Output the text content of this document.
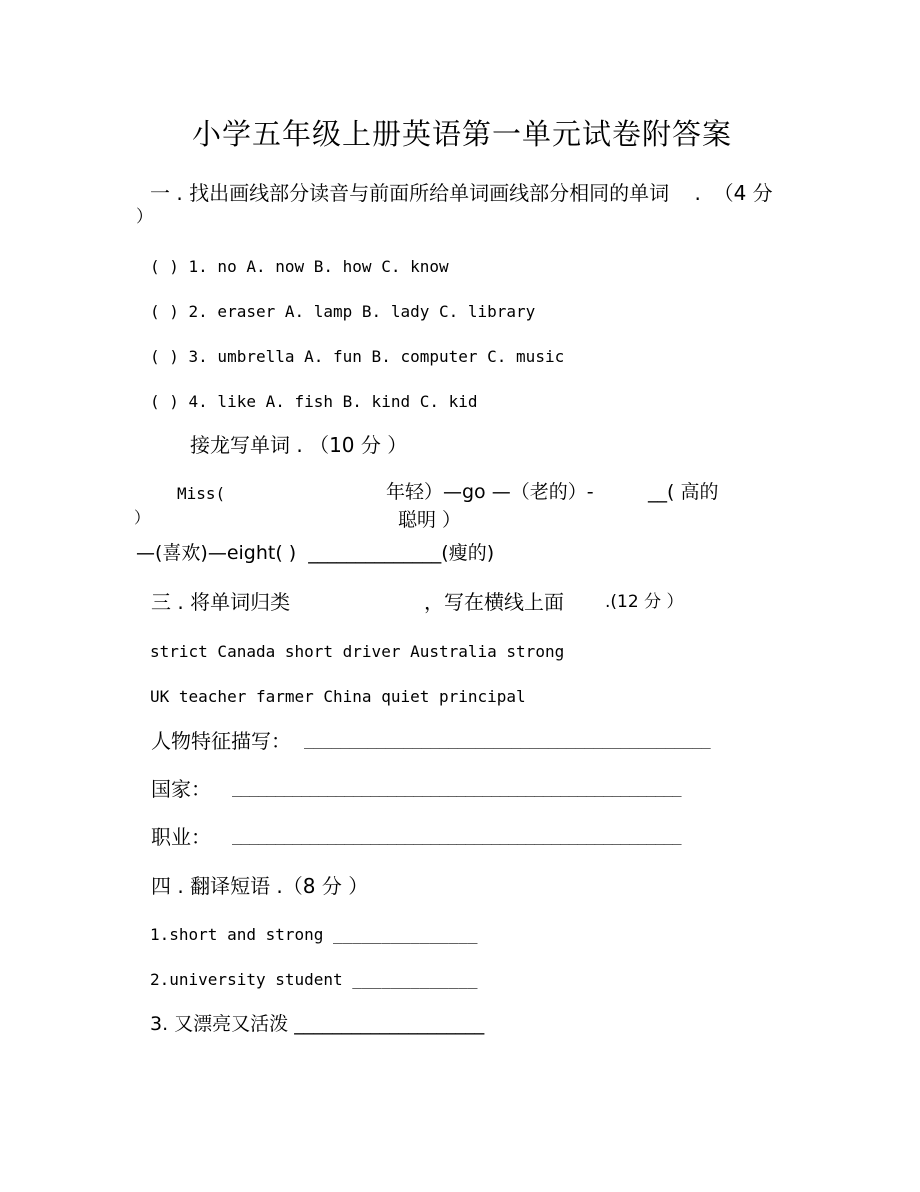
小学五年级上册英语第一单元试卷附答案
一 . 找出画线部分读音与前面所给单词画线部分相同的单词    .  （4 分
）
( ) 1. no A. now B. how C. know
( ) 2. eraser A. lamp B. lady C. library
( ) 3. umbrella A. fun B. computer C. music
( ) 4. like A. fish B. kind C. kid
接龙写单词 . （10 分 ）
Miss(	年轻）—go —（老的）-	__( 高的
）	聪明 ）
—(喜欢)—eight( )  ______________(瘦的)
三 . 将单词归类	，写在横线上面 .(12 分 ）
strict Canada short driver Australia strong
UK teacher farmer China quiet principal
人物特征描写： _____________________________________________
国家： ____________________________________________________
职业： ____________________________________________________
四 . 翻译短语 .（8 分 ）
1.short and strong _______________
2.university student _____________
3. 又漂亮又活泼 ____________________
